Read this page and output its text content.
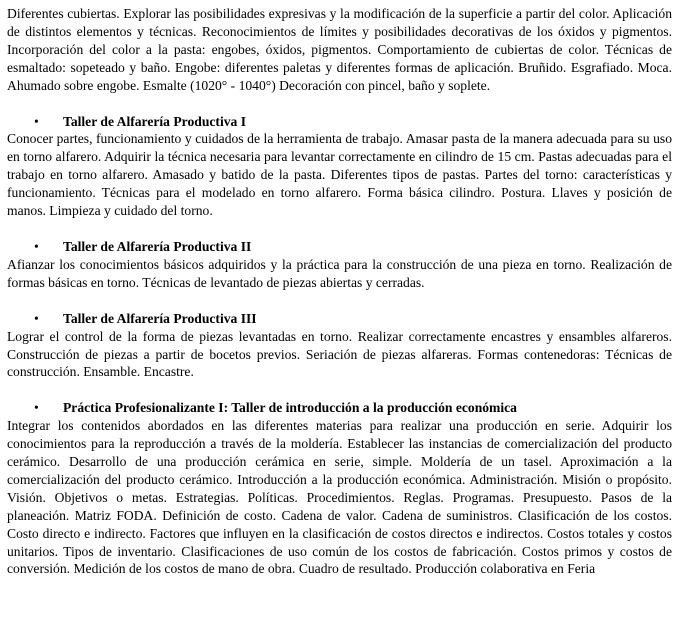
Diferentes cubiertas. Explorar las posibilidades expresivas y la modificación de la superficie a partir del color. Aplicación de distintos elementos y técnicas. Reconocimientos de límites y posibilidades decorativas de los óxidos y pigmentos. Incorporación del color a la pasta: engobes, óxidos, pigmentos. Comportamiento de cubiertas de color. Técnicas de esmaltado: sopeteado y baño. Engobe: diferentes paletas y diferentes formas de aplicación. Bruñido. Esgrafiado. Moca. Ahumado sobre engobe. Esmalte (1020° - 1040°) Decoración con pincel, baño y soplete.

• Taller de Alfarería Productiva I

Conocer partes, funcionamiento y cuidados de la herramienta de trabajo. Amasar pasta de la manera adecuada para su uso en torno alfarero. Adquirir la técnica necesaria para levantar correctamente en cilindro de 15 cm. Pastas adecuadas para el trabajo en torno alfarero. Amasado y batido de la pasta. Diferentes tipos de pastas. Partes del torno: características y funcionamiento. Técnicas para el modelado en torno alfarero. Forma básica cilindro. Postura. Llaves y posición de manos. Limpieza y cuidado del torno.

• Taller de Alfarería Productiva II

Afianzar los conocimientos básicos adquiridos y la práctica para la construcción de una pieza en torno. Realización de formas básicas en torno. Técnicas de levantado de piezas abiertas y cerradas.

• Taller de Alfarería Productiva III

Lograr el control de la forma de piezas levantadas en torno. Realizar correctamente encastres y ensambles alfareros. Construcción de piezas a partir de bocetos previos. Seriación de piezas alfareras. Formas contenedoras: Técnicas de construcción. Ensamble. Encastre.

• Práctica Profesionalizante I: Taller de introducción a la producción económica

Integrar los contenidos abordados en las diferentes materias para realizar una producción en serie. Adquirir los conocimientos para la reproducción a través de la moldería. Establecer las instancias de comercialización del producto cerámico. Desarrollo de una producción cerámica en serie, simple. Moldería de un tasel. Aproximación a la comercialización del producto cerámico. Introducción a la producción económica. Administración. Misión o propósito. Visión. Objetivos o metas. Estrategias. Políticas. Procedimientos. Reglas. Programas. Presupuesto. Pasos de la planeación. Matriz FODA. Definición de costo. Cadena de valor. Cadena de suministros. Clasificación de los costos. Costo directo e indirecto. Factores que influyen en la clasificación de costos directos e indirectos. Costos totales y costos unitarios. Tipos de inventario. Clasificaciones de uso común de los costos de fabricación. Costos primos y costos de conversión. Medición de los costos de mano de obra. Cuadro de resultado. Producción colaborativa en Feria
